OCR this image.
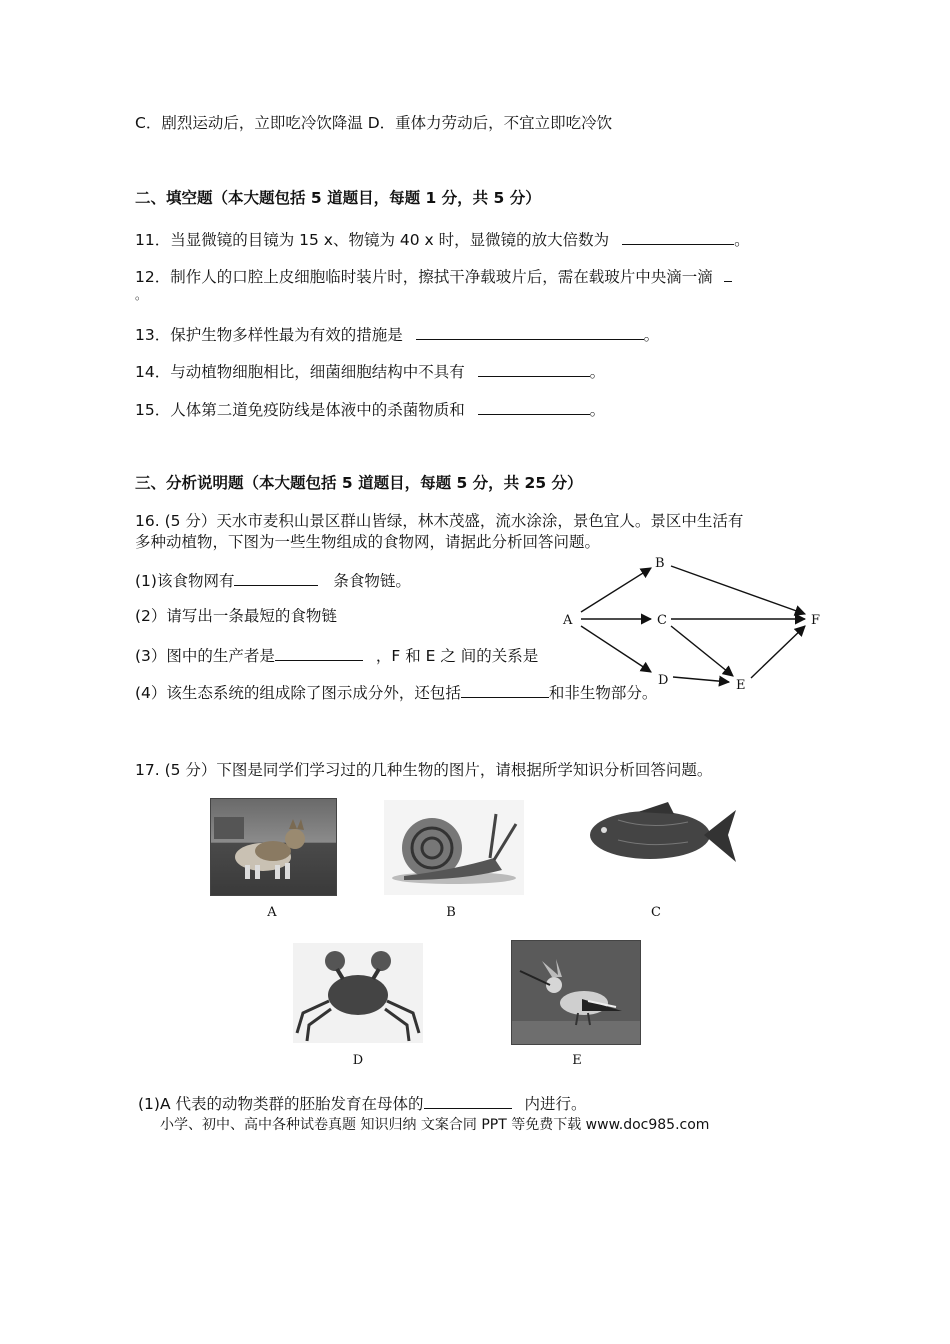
C．剧烈运动后，立即吃冷饮降温 D．重体力劳动后，不宜立即吃冷饮
二、填空题（本大题包括 5 道题目，每题 1 分，共 5 分）
11．当显微镜的目镜为 15 x、物镜为 40 x 时，显微镜的放大倍数为	。
12．制作人的口腔上皮细胞临时装片时，擦拭干净载玻片后，需在载玻片中央滴一滴
。
13．保护生物多样性最为有效的措施是	。
14．与动植物细胞相比，细菌细胞结构中不具有	。
15．人体第二道免疫防线是体液中的杀菌物质和	。
三、分析说明题（本大题包括 5 道题目，每题 5 分，共 25 分）
16. (5 分）天水市麦积山景区群山皆绿，林木茂盛，流水涂涂，景色宜人。景区中生活有
多种动植物，下图为一些生物组成的食物网，请据此分析回答问题。
(1)该食物网有	条食物链。
(2）请写出一条最短的食物链
(3）图中的生产者是	，F 和 E 之 间的关系是
A
B
C
D	E
F
(4）该生态系统的组成除了图示成分外，还包括	和非生物部分。
17. (5 分）下图是同学们学习过的几种生物的图片，请根据所学知识分析回答问题。
A	B	C
D	E
(1)A 代表的动物类群的胚胎发育在母体的	内进行。
小学、初中、高中各种试卷真题 知识归纳 文案合同 PPT 等免费下载 www.doc985.com
